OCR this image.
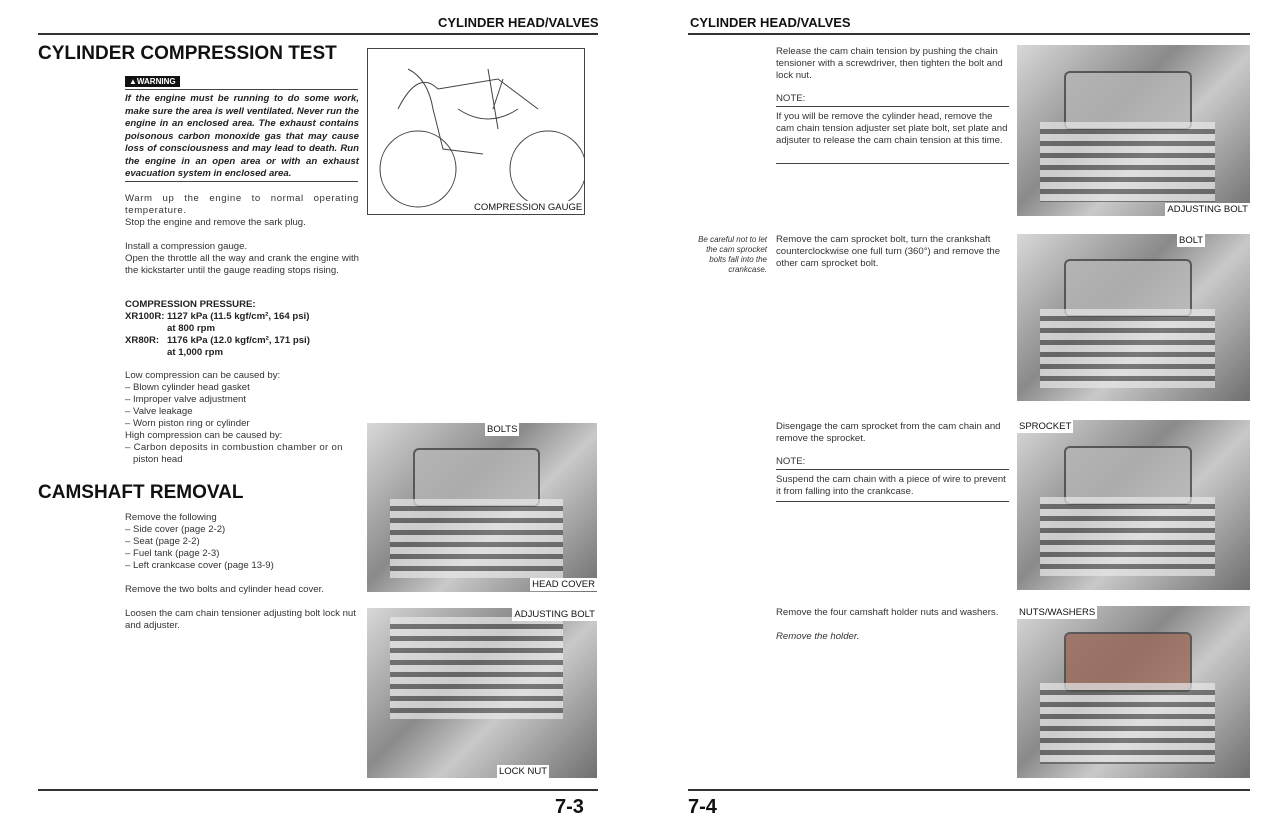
CYLINDER HEAD/VALVES
CYLINDER COMPRESSION TEST
▲WARNING
If the engine must be running to do some work, make sure the area is well ventilated. Never run the engine in an enclosed area. The exhaust contains poisonous carbon monoxide gas that may cause loss of consciousness and may lead to death. Run the engine in an open area or with an exhaust evacuation system in enclosed area.
Warm up the engine to normal operating temperature.
Stop the engine and remove the sark plug.
Install a compression gauge.
Open the throttle all the way and crank the engine with the kickstarter until the gauge reading stops rising.
COMPRESSION PRESSURE:
XR100R: 1127 kPa (11.5 kgf/cm², 164 psi)
at 800 rpm
XR80R: 1176 kPa (12.0 kgf/cm², 171 psi)
at 1,000 rpm
Low compression can be caused by:
– Blown cylinder head gasket
– Improper valve adjustment
– Valve leakage
– Worn piston ring or cylinder
High compression can be caused by:
– Carbon deposits in combustion chamber or on
piston head
CAMSHAFT REMOVAL
Remove the following
– Side cover (page 2-2)
– Seat (page 2-2)
– Fuel tank (page 2-3)
– Left crankcase cover (page 13-9)
Remove the two bolts and cylinder head cover.
Loosen the cam chain tensioner adjusting bolt lock nut and adjuster.
COMPRESSION GAUGE
BOLTS
HEAD COVER
ADJUSTING BOLT
LOCK NUT
7-3
CYLINDER HEAD/VALVES
Release the cam chain tension by pushing the chain tensioner with a screwdriver, then tighten the bolt and lock nut.
NOTE:
If you will be remove the cylinder head, remove the cam chain tension adjuster set plate bolt, set plate and adjsuter to release the cam chain tension at this time.
Be careful not to let the cam sprocket bolts fall into the crankcase.
Remove the cam sprocket bolt, turn the crankshaft counterclockwise one full turn (360°) and remove the other cam sprocket bolt.
Disengage the cam sprocket from the cam chain and remove the sprocket.
NOTE:
Suspend the cam chain with a piece of wire to prevent it from falling into the crankcase.
Remove the four camshaft holder nuts and washers.
Remove the holder.
ADJUSTING BOLT
BOLT
SPROCKET
NUTS/WASHERS
7-4
